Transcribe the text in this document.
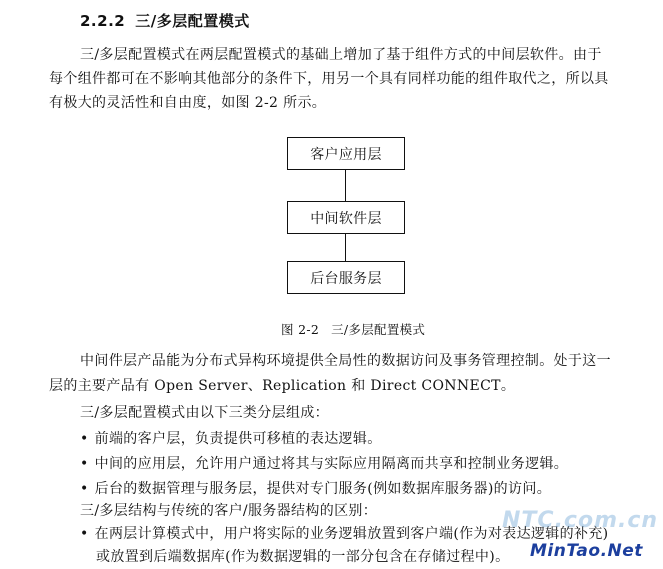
2.2.2 三/多层配置模式
三/多层配置模式在两层配置模式的基础上增加了基于组件方式的中间层软件。由于
每个组件都可在不影响其他部分的条件下，用另一个具有同样功能的组件取代之，所以具
有极大的灵活性和自由度，如图 2-2 所示。
客户应用层
中间软件层
后台服务层
图 2-2 三/多层配置模式
中间件层产品能为分布式异构环境提供全局性的数据访问及事务管理控制。处于这一
层的主要产品有 Open Server、Replication 和 Direct CONNECT。
三/多层配置模式由以下三类分层组成：
• 前端的客户层，负责提供可移植的表达逻辑。
• 中间的应用层，允许用户通过将其与实际应用隔离而共享和控制业务逻辑。
• 后台的数据管理与服务层，提供对专门服务(例如数据库服务器)的访问。
三/多层结构与传统的客户/服务器结构的区别：
• 在两层计算模式中，用户将实际的业务逻辑放置到客户端(作为对表达逻辑的补充)
或放置到后端数据库(作为数据逻辑的一部分包含在存储过程中)。
NTC.com.cn
MinTao.Net
